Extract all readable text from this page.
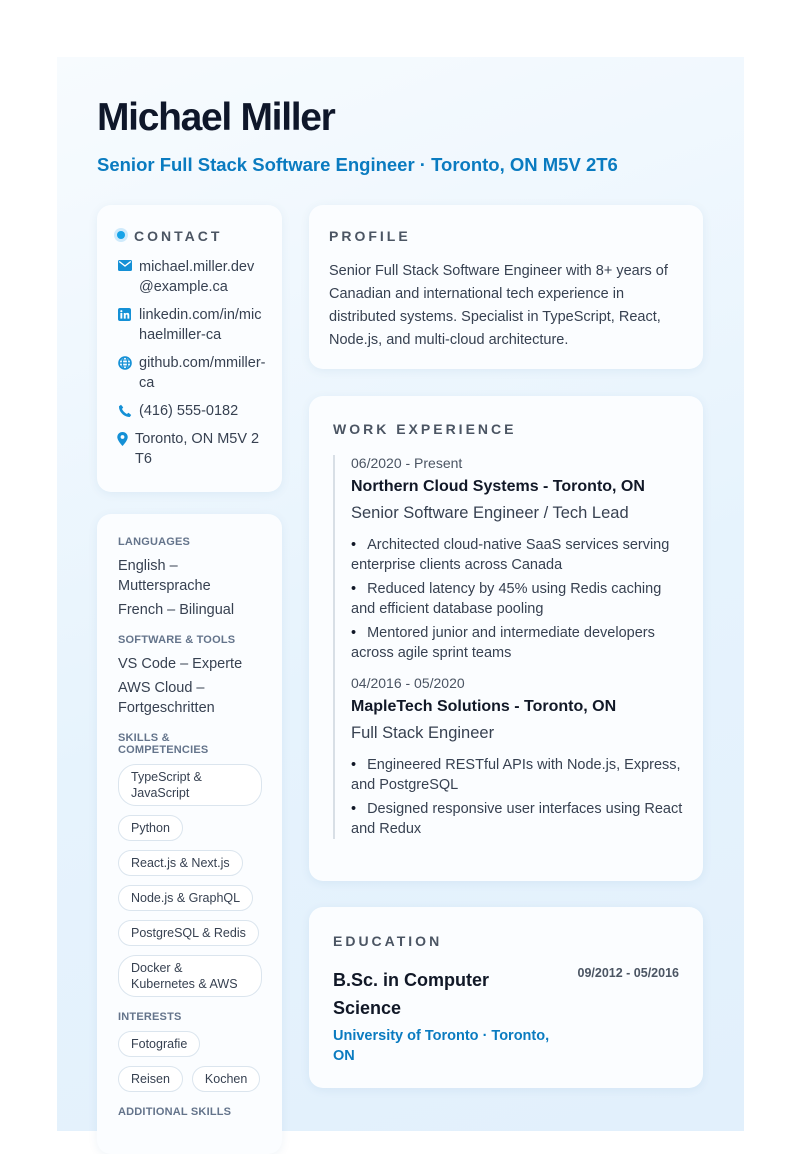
Michael Miller

Senior Full Stack Software Engineer · Toronto, ON M5V 2T6

CONTACT
michael.miller.dev@example.ca
linkedin.com/in/michaelmiller-ca
github.com/mmiller-ca
(416) 555-0182
Toronto, ON M5V 2T6

LANGUAGES

English – Muttersprache

French – Bilingual

SOFTWARE & TOOLS

VS Code – Experte

AWS Cloud – Fortgeschritten

SKILLS & COMPETENCIES

TypeScript & JavaScript
Python
React.js & Next.js
Node.js & GraphQL
PostgreSQL & Redis
Docker & Kubernetes & AWS

INTERESTS

Fotografie
Reisen	Kochen

ADDITIONAL SKILLS

PROFILE

Senior Full Stack Software Engineer with 8+ years of Canadian and international tech experience in distributed systems. Specialist in TypeScript, React, Node.js, and multi-cloud architecture.

WORK EXPERIENCE
06/2020 - Present
Northern Cloud Systems - Toronto, ON
Senior Software Engineer / Tech Lead
• Architected cloud-native SaaS services serving enterprise clients across Canada
• Reduced latency by 45% using Redis caching and efficient database pooling
• Mentored junior and intermediate developers across agile sprint teams
04/2016 - 05/2020
MapleTech Solutions - Toronto, ON
Full Stack Engineer
• Engineered RESTful APIs with Node.js, Express, and PostgreSQL
• Designed responsive user interfaces using React and Redux
EDUCATION

B.Sc. in Computer Science

University of Toronto · Toronto, ON

09/2012 - 05/2016
